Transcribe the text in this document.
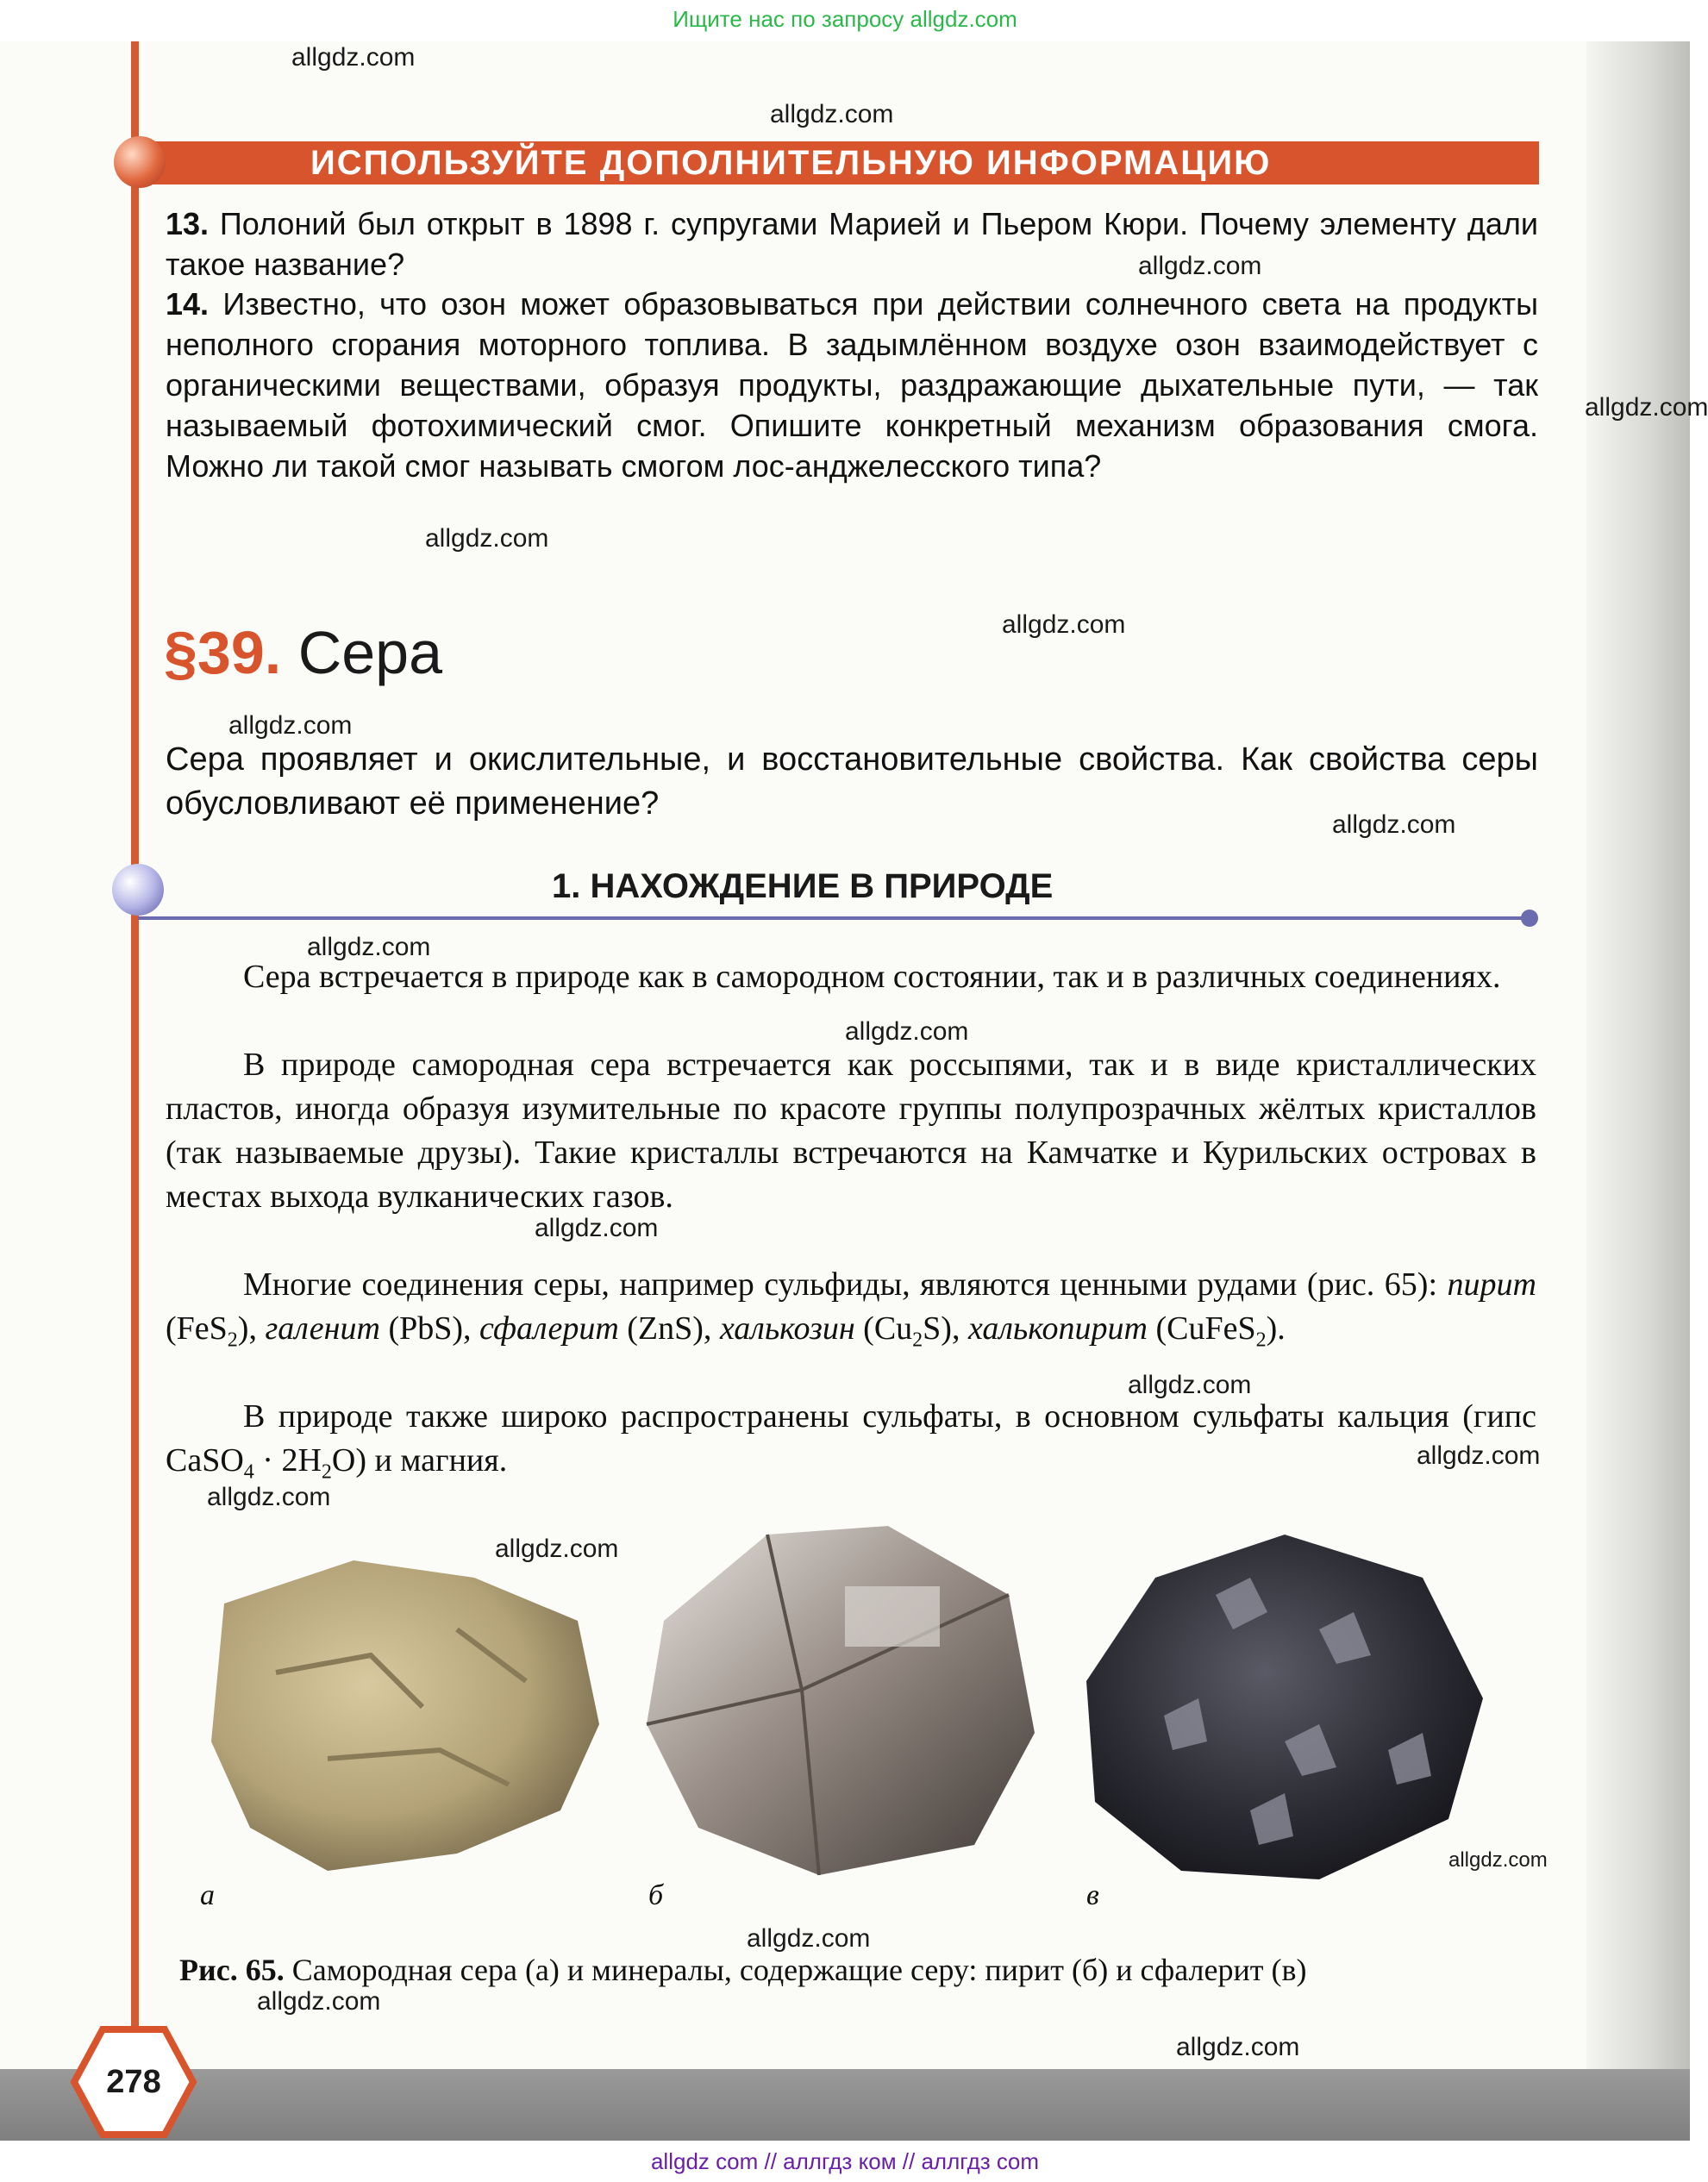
Ищите нас по запросу allgdz.com
ИСПОЛЬЗУЙТЕ ДОПОЛНИТЕЛЬНУЮ ИНФОРМАЦИЮ
13. Полоний был открыт в 1898 г. супругами Марией и Пьером Кюри. Почему элементу дали такое название?
14. Известно, что озон может образовываться при действии солнечного света на продукты неполного сгорания моторного топлива. В задымлённом воздухе озон взаимодействует с органическими веществами, образуя продукты, раздражающие дыхательные пути, — так называемый фотохимический смог. Опишите конкретный механизм образования смога. Можно ли такой смог называть смогом лос-анджелесского типа?
§39. Сера
Сера проявляет и окислительные, и восстановительные свойства. Как свойства серы обусловливают её применение?
1. НАХОЖДЕНИЕ В ПРИРОДЕ
Сера встречается в природе как в самородном состоянии, так и в различных соединениях.
В природе самородная сера встречается как россыпями, так и в виде кристаллических пластов, иногда образуя изумительные по красоте группы полупрозрачных жёлтых кристаллов (так называемые друзы). Такие кристаллы встречаются на Камчатке и Курильских островах в местах выхода вулканических газов.
Многие соединения серы, например сульфиды, являются ценными рудами (рис. 65): пирит (FeS$_2$), галенит (PbS), сфалерит (ZnS), халькозин $(Cu_2S)$, халькопирит (CuFeS$_2$).
В природе также широко распространены сульфаты, в основном сульфаты кальция (гипс CaSO$_4$ · $2H_2O$) и магния.
а	б	в
Рис. 65. Самородная сера (а) и минералы, содержащие серу: пирит (б) и сфалерит (в)
278
allgdz.com
allgdz.com
allgdz.com
allgdz.com
allgdz.com
allgdz.com
allgdz.com
allgdz.com
allgdz.com
allgdz.com
allgdz.com
allgdz.com
allgdz.com
allgdz.com
allgdz.com
allgdz.com
allgdz.com
allgdz.com
allgdz.com
allgdz com // аллгдз ком // аллгдз com
